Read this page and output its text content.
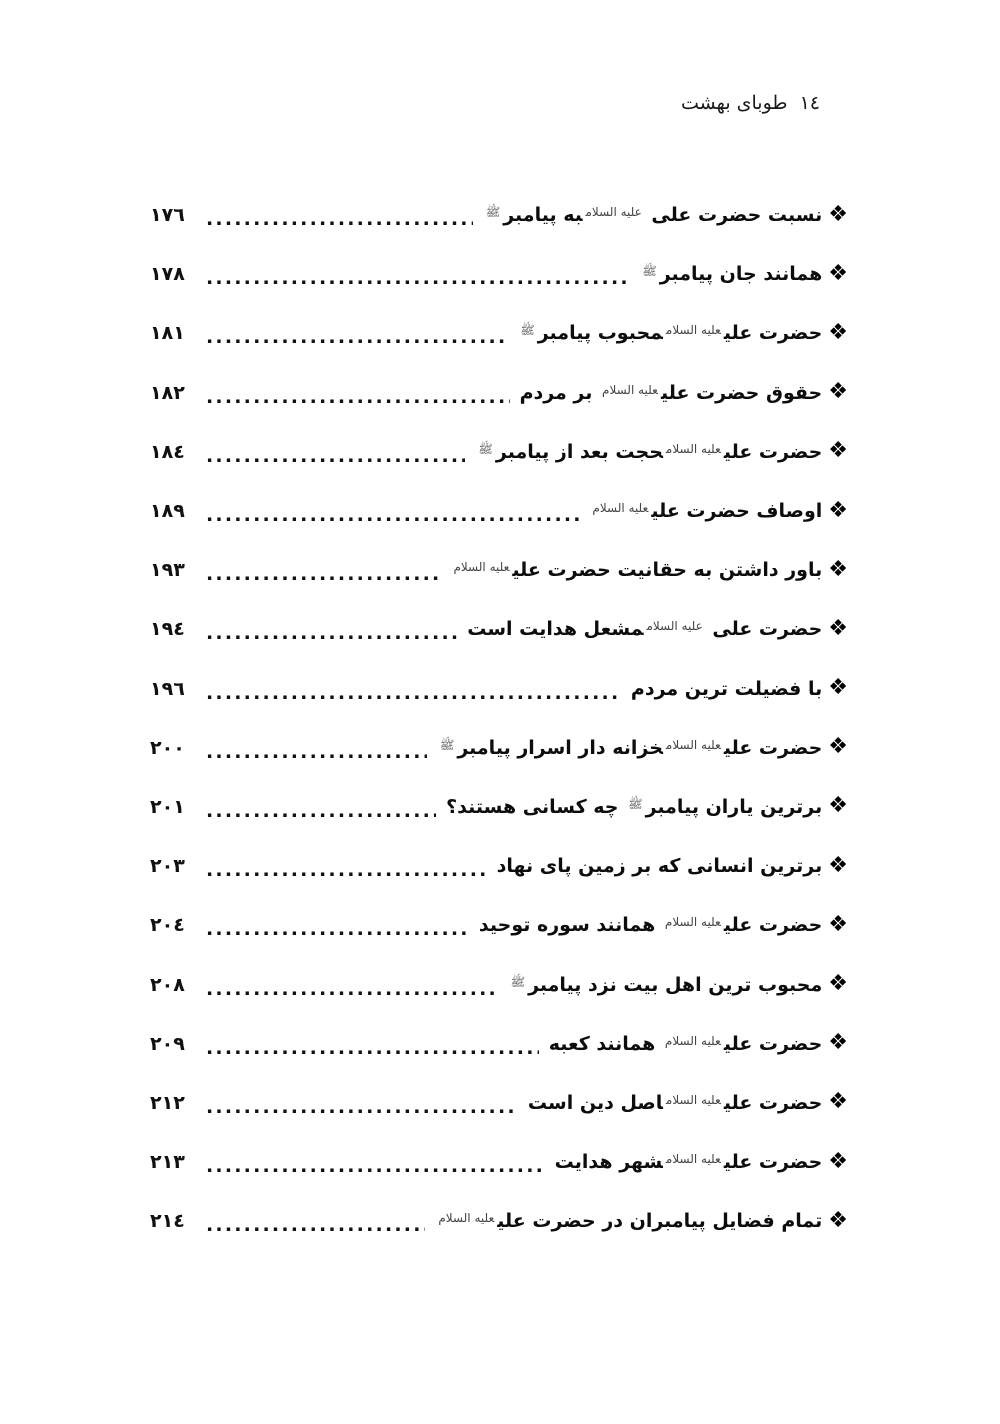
١٤ طوبای بهشت
❖
نسبت حضرت علی $^{عليه السلام}$به پیامبر$^ﷺ$
.....
١٧٦
❖
همانند جان پیامبر$^ﷺ$
.....
١٧٨
❖
حضرت علی$^{عليه السلام}$محبوب پیامبر$^ﷺ$
.....
١٨١
❖
حقوق حضرت علی$^{عليه السلام}$ بر مردم
.....
١٨٢
❖
حضرت علی$^{عليه السلام}$حجت بعد از پیامبر$^ﷺ$
.....
١٨٤
❖
اوصاف حضرت علی$^{عليه السلام}$
.....
١٨٩
❖
باور داشتن به حقانیت حضرت علی$^{عليه السلام}$
.....
١٩٣
❖
حضرت علی $^{عليه السلام}$مشعل هدایت است
.....
١٩٤
❖
با فضیلت ترین مردم
.....
١٩٦
❖
حضرت علی$^{عليه السلام}$خزانه دار اسرار پیامبر$^ﷺ$
.....
٢٠٠
❖
برترین یاران پیامبر$^ﷺ$ چه کسانی هستند؟
.....
٢٠١
❖
برترین انسانی که بر زمین پای نهاد
.....
٢٠٣
❖
حضرت علی$^{عليه السلام}$ همانند سوره توحید
.....
٢٠٤
❖
محبوب ترین اهل بیت نزد پیامبر$^ﷺ$
.....
٢٠٨
❖
حضرت علی$^{عليه السلام}$ همانند کعبه
.....
٢٠٩
❖
حضرت علی$^{عليه السلام}$اصل دین است
.....
٢١٢
❖
حضرت علی$^{عليه السلام}$شهر هدایت
.....
٢١٣
❖
تمام فضایل پیامبران در حضرت علی$^{عليه السلام}$
.....
٢١٤
